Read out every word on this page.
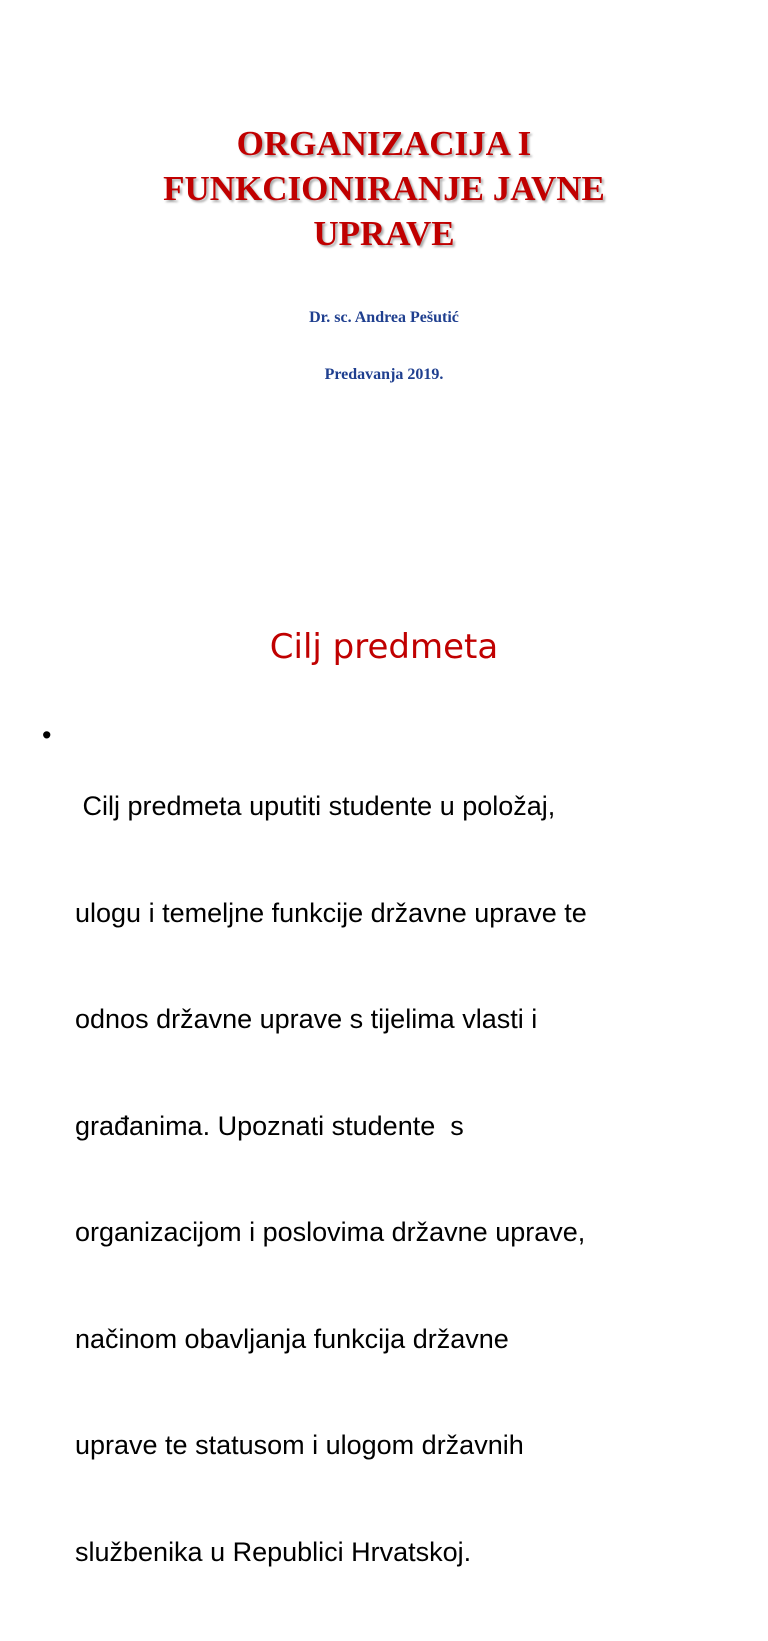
ORGANIZACIJA I
FUNKCIONIRANJE JAVNE
UPRAVE

Dr. sc. Andrea Pešutić

Predavanja 2019.

Cilj predmeta
•

Cilj predmeta uputiti studente u položaj,

ulogu i temeljne funkcije državne uprave te

odnos državne uprave s tijelima vlasti i

građanima. Upoznati studente  s

organizacijom i poslovima državne uprave,

načinom obavljanja funkcija državne

uprave te statusom i ulogom državnih

službenika u Republici Hrvatskoj.
